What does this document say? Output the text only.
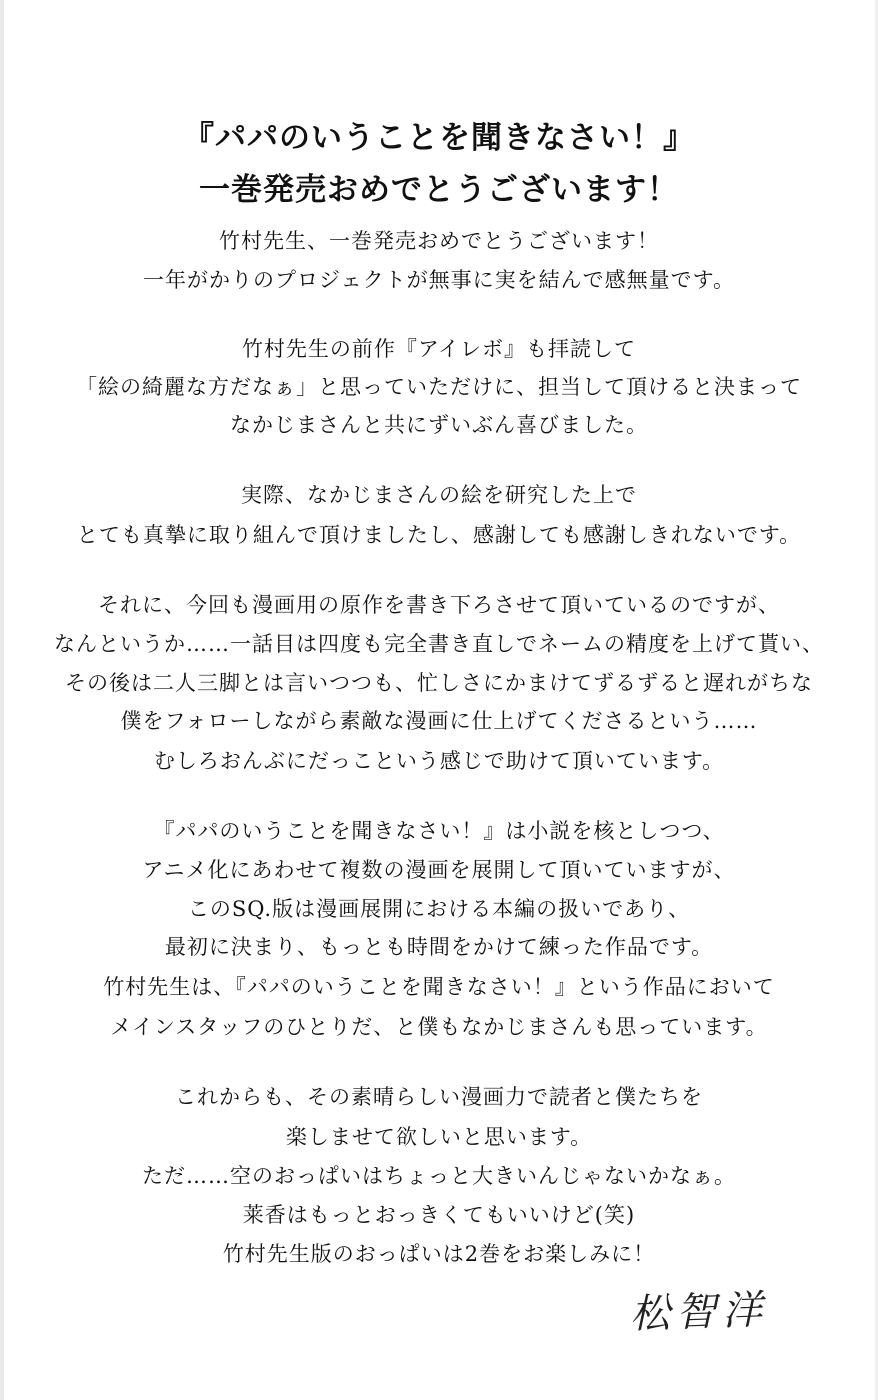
『パパのいうことを聞きなさい！』
一巻発売おめでとうございます！
竹村先生、一巻発売おめでとうございます！
一年がかりのプロジェクトが無事に実を結んで感無量です。
竹村先生の前作『アイレボ』も拝読して
「絵の綺麗な方だなぁ」と思っていただけに、担当して頂けると決まって
なかじまさんと共にずいぶん喜びました。
実際、なかじまさんの絵を研究した上で
とても真摯に取り組んで頂けましたし、感謝しても感謝しきれないです。
それに、今回も漫画用の原作を書き下ろさせて頂いているのですが、
なんというか……一話目は四度も完全書き直しでネームの精度を上げて貰い、
その後は二人三脚とは言いつつも、忙しさにかまけてずるずると遅れがちな
僕をフォローしながら素敵な漫画に仕上げてくださるという……
むしろおんぶにだっこという感じで助けて頂いています。
『パパのいうことを聞きなさい！』は小説を核としつつ、
アニメ化にあわせて複数の漫画を展開して頂いていますが、
このSQ.版は漫画展開における本編の扱いであり、
最初に決まり、もっとも時間をかけて練った作品です。
竹村先生は、『パパのいうことを聞きなさい！』という作品において
メインスタッフのひとりだ、と僕もなかじまさんも思っています。
これからも、その素晴らしい漫画力で読者と僕たちを
楽しませて欲しいと思います。
ただ……空のおっぱいはちょっと大きいんじゃないかなぁ。
莱香はもっとおっきくてもいいけど(笑)
竹村先生版のおっぱいは2巻をお楽しみに！
松智洋
